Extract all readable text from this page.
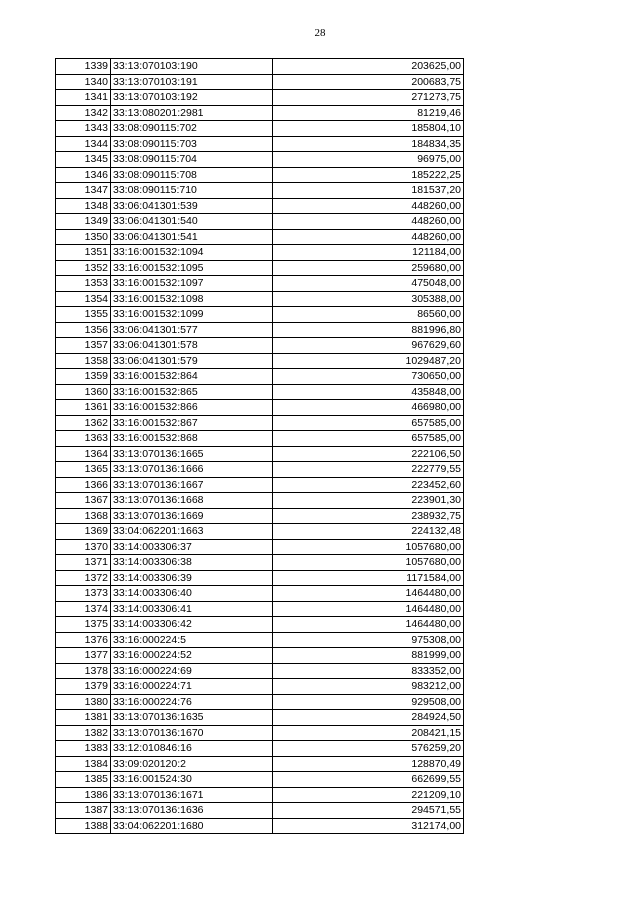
28
1339	33:13:070103:190	203625,00
1340	33:13:070103:191	200683,75
1341	33:13:070103:192	271273,75
1342	33:13:080201:2981	81219,46
1343	33:08:090115:702	185804,10
1344	33:08:090115:703	184834,35
1345	33:08:090115:704	96975,00
1346	33:08:090115:708	185222,25
1347	33:08:090115:710	181537,20
1348	33:06:041301:539	448260,00
1349	33:06:041301:540	448260,00
1350	33:06:041301:541	448260,00
1351	33:16:001532:1094	121184,00
1352	33:16:001532:1095	259680,00
1353	33:16:001532:1097	475048,00
1354	33:16:001532:1098	305388,00
1355	33:16:001532:1099	86560,00
1356	33:06:041301:577	881996,80
1357	33:06:041301:578	967629,60
1358	33:06:041301:579	1029487,20
1359	33:16:001532:864	730650,00
1360	33:16:001532:865	435848,00
1361	33:16:001532:866	466980,00
1362	33:16:001532:867	657585,00
1363	33:16:001532:868	657585,00
1364	33:13:070136:1665	222106,50
1365	33:13:070136:1666	222779,55
1366	33:13:070136:1667	223452,60
1367	33:13:070136:1668	223901,30
1368	33:13:070136:1669	238932,75
1369	33:04:062201:1663	224132,48
1370	33:14:003306:37	1057680,00
1371	33:14:003306:38	1057680,00
1372	33:14:003306:39	1171584,00
1373	33:14:003306:40	1464480,00
1374	33:14:003306:41	1464480,00
1375	33:14:003306:42	1464480,00
1376	33:16:000224:5	975308,00
1377	33:16:000224:52	881999,00
1378	33:16:000224:69	833352,00
1379	33:16:000224:71	983212,00
1380	33:16:000224:76	929508,00
1381	33:13:070136:1635	284924,50
1382	33:13:070136:1670	208421,15
1383	33:12:010846:16	576259,20
1384	33:09:020120:2	128870,49
1385	33:16:001524:30	662699,55
1386	33:13:070136:1671	221209,10
1387	33:13:070136:1636	294571,55
1388	33:04:062201:1680	312174,00
